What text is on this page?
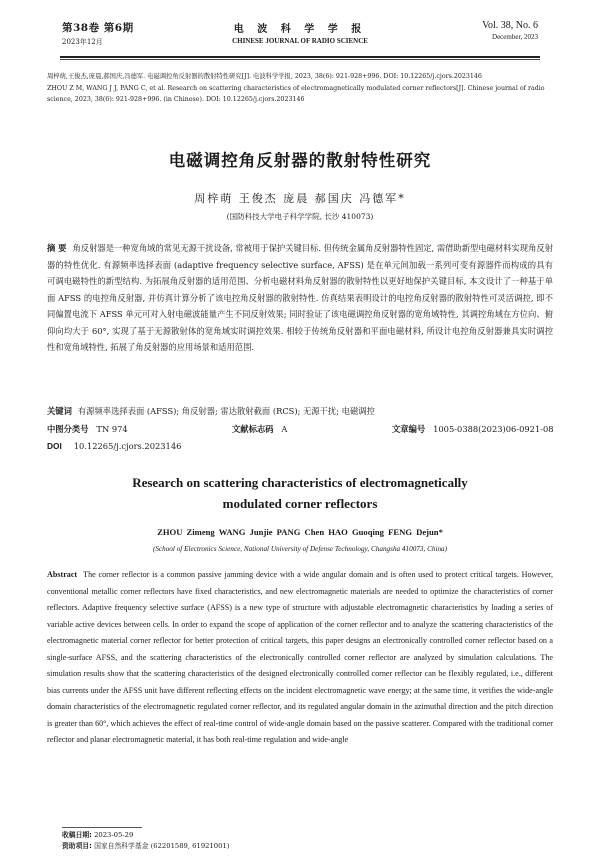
第38卷 第6期
2023年12月
电 波 科 学 学 报
CHINESE JOURNAL OF RADIO SCIENCE
Vol. 38, No. 6
December, 2023

周梓萌,王俊杰,庞晨,郝国庆,冯德军. 电磁调控角反射器的散射特性研究[J]. 电波科学学报, 2023, 38(6): 921-928+996. DOI: 10.12265/j.cjors.2023146

ZHOU Z M, WANG J J, PANG C, et al. Research on scattering characteristics of electromagnetically modulated corner reflectors[J]. Chinese journal of radio

science, 2023, 38(6): 921-928+996. (in Chinese). DOI: 10.12265/j.cjors.2023146

电磁调控角反射器的散射特性研究
周梓萌 王俊杰 庞晨 郝国庆 冯德军*
(国防科技大学电子科学学院, 长沙 410073)
摘 要 角反射器是一种宽角域的常见无源干扰设备, 常被用于保护关键目标. 但传统金属角反射器特性固定, 需借助新型电磁材料实现角反射器的特性优化. 有源频率选择表面 (adaptive frequency selective surface, AFSS) 是在单元间加载一系列可变有源器件而构成的具有可调电磁特性的新型结构. 为拓展角反射器的适用范围、分析电磁材料角反射器的散射特性以更好地保护关键目标, 本文设计了一种基于单面 AFSS 的电控角反射器, 并仿真计算分析了该电控角反射器的散射特性. 仿真结果表明设计的电控角反射器的散射特性可灵活调控, 即不同偏置电流下 AFSS 单元可对入射电磁波能量产生不同反射效果; 同时验证了该电磁调控角反射器的宽角域特性, 其调控角域在方位向、俯仰向均大于 60°, 实现了基于无源散射体的宽角域实时调控效果. 相较于传统角反射器和平面电磁材料, 所设计电控角反射器兼具实时调控性和宽角域特性, 拓展了角反射器的应用场景和适用范围.
关键词 有源频率选择表面 (AFSS); 角反射器; 雷达散射截面 (RCS); 无源干扰; 电磁调控
中图分类号 TN 974	文献标志码 A	文章编号 1005-0388(2023)06-0921-08
DOI 10.12265/j.cjors.2023146
Research on scattering characteristics of electromagnetically
modulated corner reflectors
ZHOU Zimeng WANG Junjie PANG Chen HAO Guoqing FENG Dejun*
(School of Electronics Science, National University of Defense Technology, Changsha 410073, China)
Abstract The corner reflector is a common passive jamming device with a wide angular domain and is often used to protect critical targets. However, conventional metallic corner reflectors have fixed characteristics, and new electromagnetic materials are needed to optimize the characteristics of corner reflectors. Adaptive frequency selective surface (AFSS) is a new type of structure with adjustable electromagnetic characteristics by loading a series of variable active devices between cells. In order to expand the scope of application of the corner reflector and to analyze the scattering characteristics of the electromagnetic material corner reflector for better protection of critical targets, this paper designs an electronically controlled corner reflector based on a single-surface AFSS, and the scattering characteristics of the electronically controlled corner reflector are analyzed by simulation calculations. The simulation results show that the scattering characteristics of the designed electronically controlled corner reflector can be flexibly regulated, i.e., different bias currents under the AFSS unit have different reflecting effects on the incident electromagnetic wave energy; at the same time, it verifies the wide-angle domain characteristics of the electromagnetic regulated corner reflector, and its regulated angular domain in the azimuthal direction and the pitch direction is greater than 60°, which achieves the effect of real-time control of wide-angle domain based on the passive scatterer. Compared with the traditional corner reflector and planar electromagnetic material, it has both real-time regulation and wide-angle

收稿日期: 2023-05-29

资助项目: 国家自然科学基金 (62201589, 61921001)
